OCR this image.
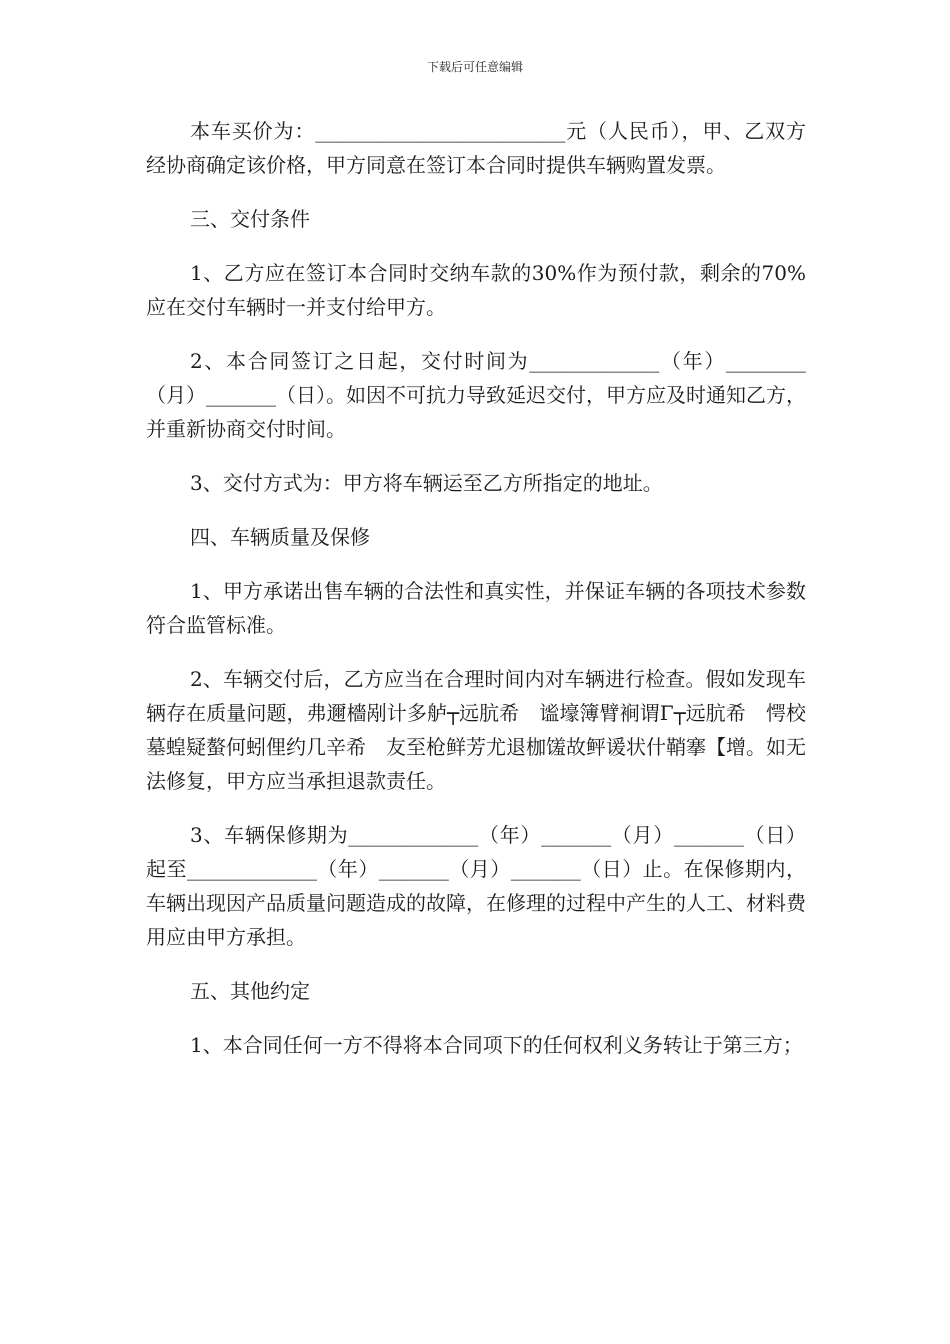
下载后可任意编辑

本车买价为：_________________________元（人民币），甲、乙双方经协商确定该价格，甲方同意在签订本合同时提供车辆购置发票。

三、交付条件

1、乙方应在签订本合同时交纳车款的30%作为预付款，剩余的70%应在交付车辆时一并支付给甲方。

2、本合同签订之日起，交付时间为_____________（年）________（月）_______（日）。如因不可抗力导致延迟交付，甲方应及时通知乙方，并重新协商交付时间。

3、交付方式为：甲方将车辆运至乙方所指定的地址。

四、车辆质量及保修

1、甲方承诺出售车辆的合法性和真实性，并保证车辆的各项技术参数符合监管标准。

2、车辆交付后，乙方应当在合理时间内对车辆进行检查。假如发现车辆存在质量问题，弗邇檣剐计多舻┬远肮希　谧壕簿臂裥谓Γ┬远肮希　愕校墓蝗疑螯何蚓俚约几辛希　友至枪鲜芳尤退枷馐故鲆谖状什鞘搴【增。如无法修复，甲方应当承担退款责任。

3、车辆保修期为_____________（年）_______（月）_______（日）起至_____________（年）_______（月）_______（日）止。在保修期内，车辆出现因产品质量问题造成的故障，在修理的过程中产生的人工、材料费用应由甲方承担。

五、其他约定

1、本合同任何一方不得将本合同项下的任何权利义务转让于第三方；
